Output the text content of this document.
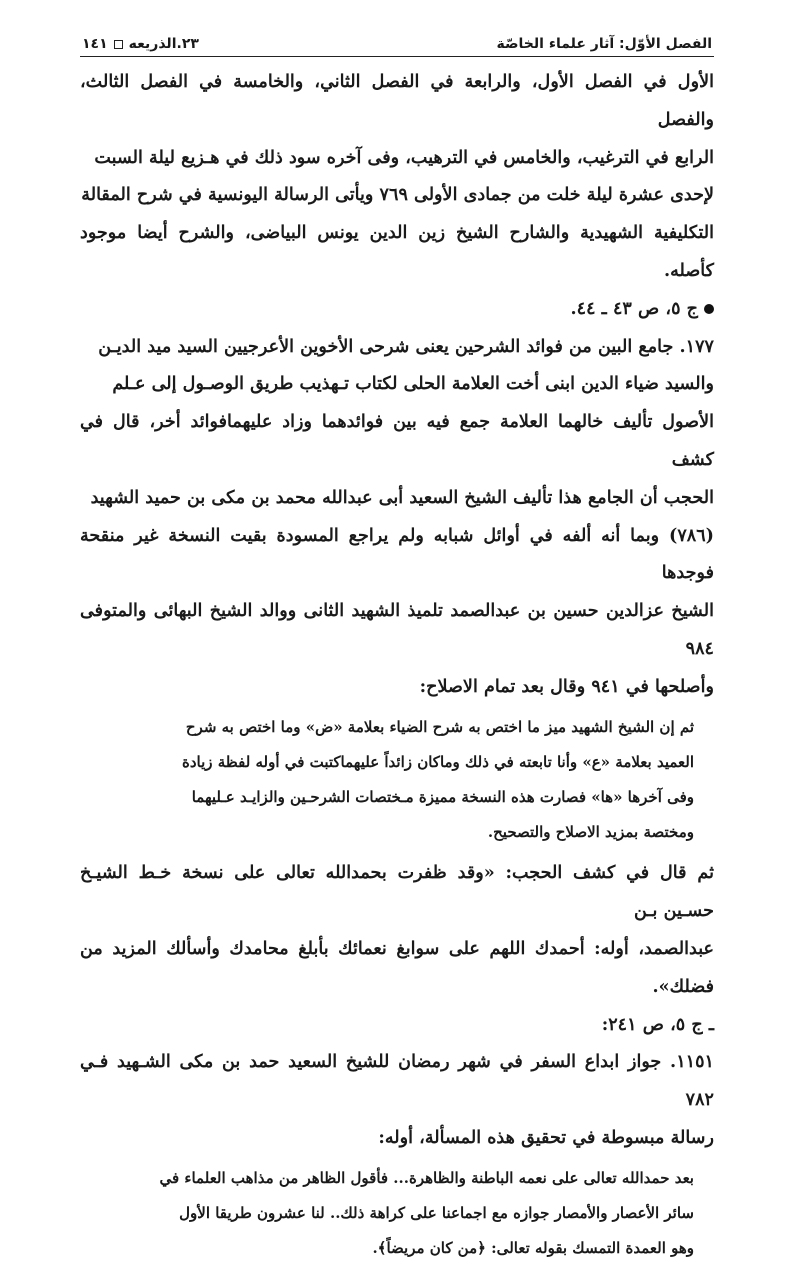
الفصل الأوّل: آثار علماء الخاصّة
٢٣.الذريعه
١٤١

الأول في الفصل الأول، والرابعة في الفصل الثاني، والخامسة في الفصل الثالث، والفصل

الرابع في الترغيب، والخامس في الترهيب، وفى آخره سود ذلك في هـزيع ليلة السبت

لإحدى عشرة ليلة خلت من جمادى الأولى ٧٦٩ ويأتى الرسالة اليونسية في شرح المقالة

التكليفية الشهيدية والشارح الشيخ زين الدين يونس البياضى، والشرح أيضا موجود كأصله.

ج ٥، ص ٤٣ ـ ٤٤.

١٧٧. جامع البين من فوائد الشرحين يعنى شرحى الأخوين الأعرجيين السيد ميد الديـن

والسيد ضياء الدين ابنى أخت العلامة الحلى لكتاب تـهذيب طريق الوصـول إلى عـلم

الأصول تأليف خالهما العلامة جمع فيه بين فوائدهما وزاد عليهمافوائد أخر، قال في كشف

الحجب أن الجامع هذا تأليف الشيخ السعيد أبى عبدالله محمد بن مكى بن حميد الشهيد

(٧٨٦) وبما أنه ألفه في أوائل شبابه ولم يراجع المسودة بقيت النسخة غير منقحة فوجدها

الشيخ عزالدين حسين بن عبدالصمد تلميذ الشهيد الثانى ووالد الشيخ البهائى والمتوفى ٩٨٤

وأصلحها في ٩٤١ وقال بعد تمام الاصلاح:

ثم إن الشيخ الشهيد ميز ما اختص به شرح الضياء بعلامة «ض» وما اختص به شرح

العميد بعلامة «ع» وأنا تابعته في ذلك وماكان زائداً عليهماكتبت في أوله لفظة زيادة

وفى آخرها «ها» فصارت هذه النسخة مميزة مـختصات الشرحـين والزايـد عـليهما

ومختصة بمزيد الاصلاح والتصحيح.

ثم قال في كشف الحجب: «وقد ظفرت بحمدالله تعالى على نسخة خـط الشيـخ حسـين بـن

عبدالصمد، أوله: أحمدك اللهم على سوابغ نعمائك بأبلغ محامدك وأسألك المزيد من فضلك».

ـ ج ٥، ص ٢٤١:

١١٥١. جواز ابداع السفر في شهر رمضان للشيخ السعيد حمد بن مكى الشـهيد فـي ٧٨٢

رسالة مبسوطة في تحقيق هذه المسألة، أوله:

بعد حمدالله تعالى على نعمه الباطنة والظاهرة... فأقول الظاهر من مذاهب العلماء في

سائر الأعصار والأمصار جوازه مع اجماعنا على كراهة ذلك.. لنا عشرون طريقا الأول

وهو العمدة التمسك بقوله تعالى: ﴿من كان مريضاً﴾.
